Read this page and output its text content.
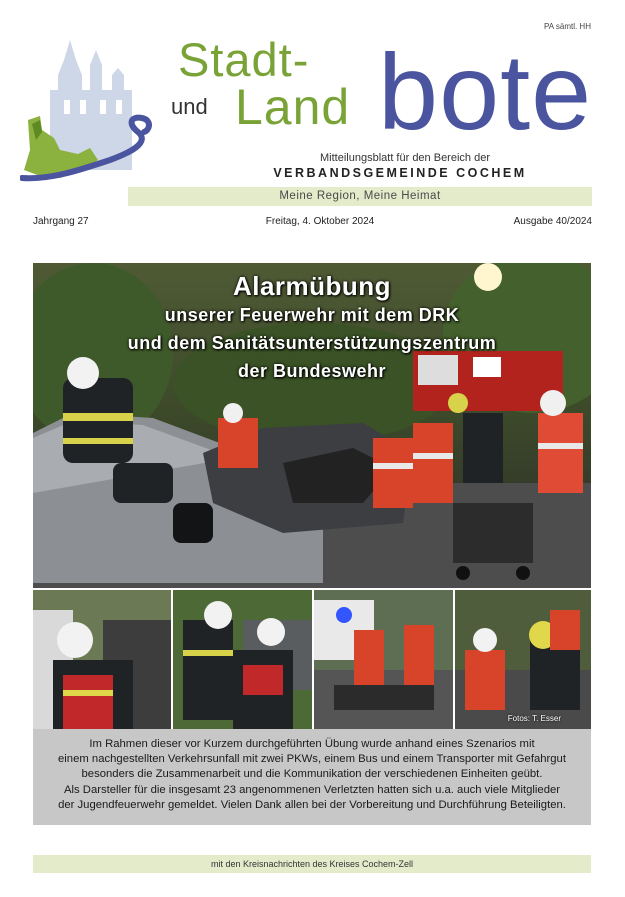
PA sämtl. HH
Stadt-
und Land bote
Mitteilungsblatt für den Bereich der
VERBANDSGEMEINDE COCHEM
Meine Region, Meine Heimat
Jahrgang 27	Freitag, 4. Oktober 2024	Ausgabe 40/2024
Alarmübung
unserer Feuerwehr mit dem DRK
und dem Sanitätsunterstützungszentrum
der Bundeswehr
Fotos: T. Esser
Im Rahmen dieser vor Kurzem durchgeführten Übung wurde anhand eines Szenarios mit
einem nachgestellten Verkehrsunfall mit zwei PKWs, einem Bus und einem Transporter mit Gefahrgut
besonders die Zusammenarbeit und die Kommunikation der verschiedenen Einheiten geübt.
Als Darsteller für die insgesamt 23 angenommenen Verletzten hatten sich u.a. auch viele Mitglieder
der Jugendfeuerwehr gemeldet. Vielen Dank allen bei der Vorbereitung und Durchführung Beteiligten.
mit den Kreisnachrichten des Kreises Cochem-Zell
